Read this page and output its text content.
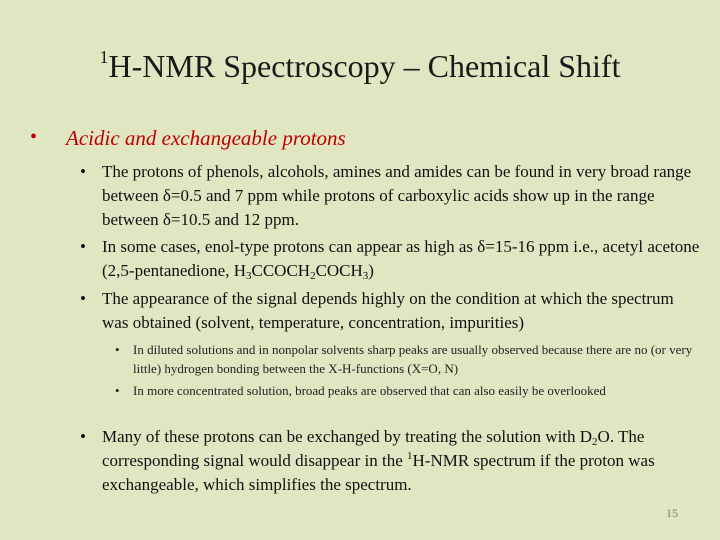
$^1$H-NMR Spectroscopy – Chemical Shift
• Acidic and exchangeable protons
• The protons of phenols, alcohols, amines and amides can be found in very broad range between δ=0.5 and 7 ppm while protons of carboxylic acids show up in the range between δ=10.5 and 12 ppm.
• In some cases, enol-type protons can appear as high as δ=15-16 ppm i.e., acetyl acetone (2,5-pentanedione, $H_3CCOCH_2COCH_3$)
• The appearance of the signal depends highly on the condition at which the spectrum was obtained (solvent, temperature, concentration, impurities)
• In diluted solutions and in nonpolar solvents sharp peaks are usually observed because there are no (or very little) hydrogen bonding between the X-H-functions (X=O, N)
• In more concentrated solution, broad peaks are observed that can also easily be overlooked
• Many of these protons can be exchanged by treating the solution with $D_2O$. The corresponding signal would disappear in the $^1$H-NMR spectrum if the proton was exchangeable, which simplifies the spectrum.
15
